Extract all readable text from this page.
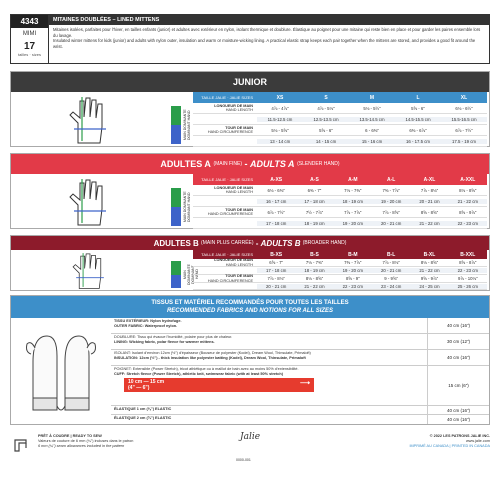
4343
MIMI
17
tailles · sizes
MITAINES DOUBLÉES – LINED MITTENS
Mitaines isolées, parfaites pour l'hiver, en tailles enfants (junior) et adultes avec extérieur en nylon, isolant thermique et doublure. Élastique au poignet pour une mitaine qui reste bien en place et pour garder les paires ensemble lors du lavage.
Insulated winter mittens for kids (junior) and adults with nylon outer, insulation and warm or moisture-wicking lining. A practical elastic strap keeps each pair together when the mittens are stored, and provides a good fit around the wrist.
JUNIOR
MAIN DOMINANTE DOMINANT HAND
TAILLE JALIE · JALIE SIZES	XS	S	M	L	XL
LONGUEUR DE MAIN
HAND LENGTH	4⅞ - 4⅞"	4⅞ - 5⅛"	5⅛ - 5½"	5⅝ - 6"	6⅛ - 6½"
11.5-12.5 cm	12.5-13.5 cm	13.5-14.5 cm	14.5-15.5 cm	15.5-16.5 cm
TOUR DE MAIN
HAND CIRCUMFERENCE	5⅛ - 5⅝"	5⅝ - 6"	6 - 6⅜"	6⅜ - 6⅞"	6⅞ - 7½"
13 - 14 cm	14 - 15 cm	15 - 16 cm	16 - 17.5 cm	17.5 - 19 cm
ADULTES A
(MAIN FINE) - ADULTS A
(SLENDER HAND)
MAIN DOMINANTE DOMINANT HAND
TAILLE JALIE · JALIE SIZES	A-XS	A-S	A-M	A-L	A-XL	A-XXL
LONGUEUR DE MAIN
HAND LENGTH	6⅛ - 6⅜"	6⅜ - 7"	7⅛ - 7⅜"	7⅜ - 7⅞"	7⅞ - 8⅛"	8⅛ - 8⅝"
16 - 17 cm	17 - 18 cm	18 - 19 cm	19 - 20 cm	20 - 21 cm	21 - 22 cm
TOUR DE MAIN
HAND CIRCUMFERENCE	6⅞ - 7½"	7½ - 7⅞"	7⅞ - 7⅞"	7⅞ - 8⅝"	8⅝ - 8⅝"	8⅝ - 9⅞"
17 - 18 cm	18 - 19 cm	19 - 20 cm	20 - 21 cm	21 - 22 cm	22 - 23 cm
ADULTES B
(MAIN PLUS CARRÉE) - ADULTS B
(BROADER HAND)
MAIN DOMINANTE DOMINANT HAND
TAILLE JALIE · JALIE SIZES	B-XS	B-S	B-M	B-L	B-XL	B-XXL
LONGUEUR DE MAIN
HAND LENGTH	6⅝ - 7"	7⅛ - 7⅜"	7⅜ - 7⅞"	7⅞ - 8⅛"	8⅛ - 8⅝"	8⅝ - 8⅞"
17 - 18 cm	18 - 19 cm	19 - 20 cm	20 - 21 cm	21 - 22 cm	22 - 23 cm
TOUR DE MAIN
HAND CIRCUMFERENCE	7⅞ - 8⅛"	8⅛ - 8⅝"	8⅝ - 9"	9 - 9⅝"	9⅝ - 9⅞"	9⅞ - 10⅛"
20 - 21 cm	21 - 22 cm	22 - 23 cm	23 - 24 cm	24 - 25 cm	25 - 26 cm
TISSUS ET MATÉRIEL RECOMMANDÉS POUR TOUTES LES TAILLES
RECOMMENDED FABRICS AND NOTIONS FOR ALL SIZES
TISSU EXTÉRIEUR: Nylon hydrofuge.
OUTER FABRIC: Waterproof nylon.	40 cm (16")
DOUBLURE: Tissu qui évacue l'humidité, polaire pour plus de chaleur.
LINING: Wicking fabric, polar fleece for warmer mittens.	30 cm (12")
ISOLANT: Isolant d'environ 12cm (½") d'épaisseur (Bouseur de polyester (Kodel), Dream Wool, Thinsulate, Primaloft)
INSULATION: 12cm (½") - thick insulation like polyester batting (Kodel), Dream Wool, Thinsulate, Primaloft	40 cm (16")
POIGNET: Extensible (Power Stretch), tricot athlétique ou à maillot de bain avec au moins 50% d'extensibilité.
CUFF: Stretch fleece (Power Stretch), athletic knit, swimwear fabric (with at least 50% stretch)
10 cm — 15 cm
(4" — 6")
⟶	15 cm (6")
ÉLASTIQUE 1 cm (⅜") ELASTIC	40 cm (16")
ÉLASTIQUE 2 cm (¾") ELASTIC	40 cm (16")
PRÊT À COUDRE | READY TO SEW
Valeurs de couture de 6 mm (¼") incluses dans le patron
6 mm (¼") seam allowances included in the pattern
Jalie
0000-001
© 2022 LES PATRONS JALIE INC.
www.jalie.com
IMPRIMÉ AU CANADA | PRINTED IN CANADA
